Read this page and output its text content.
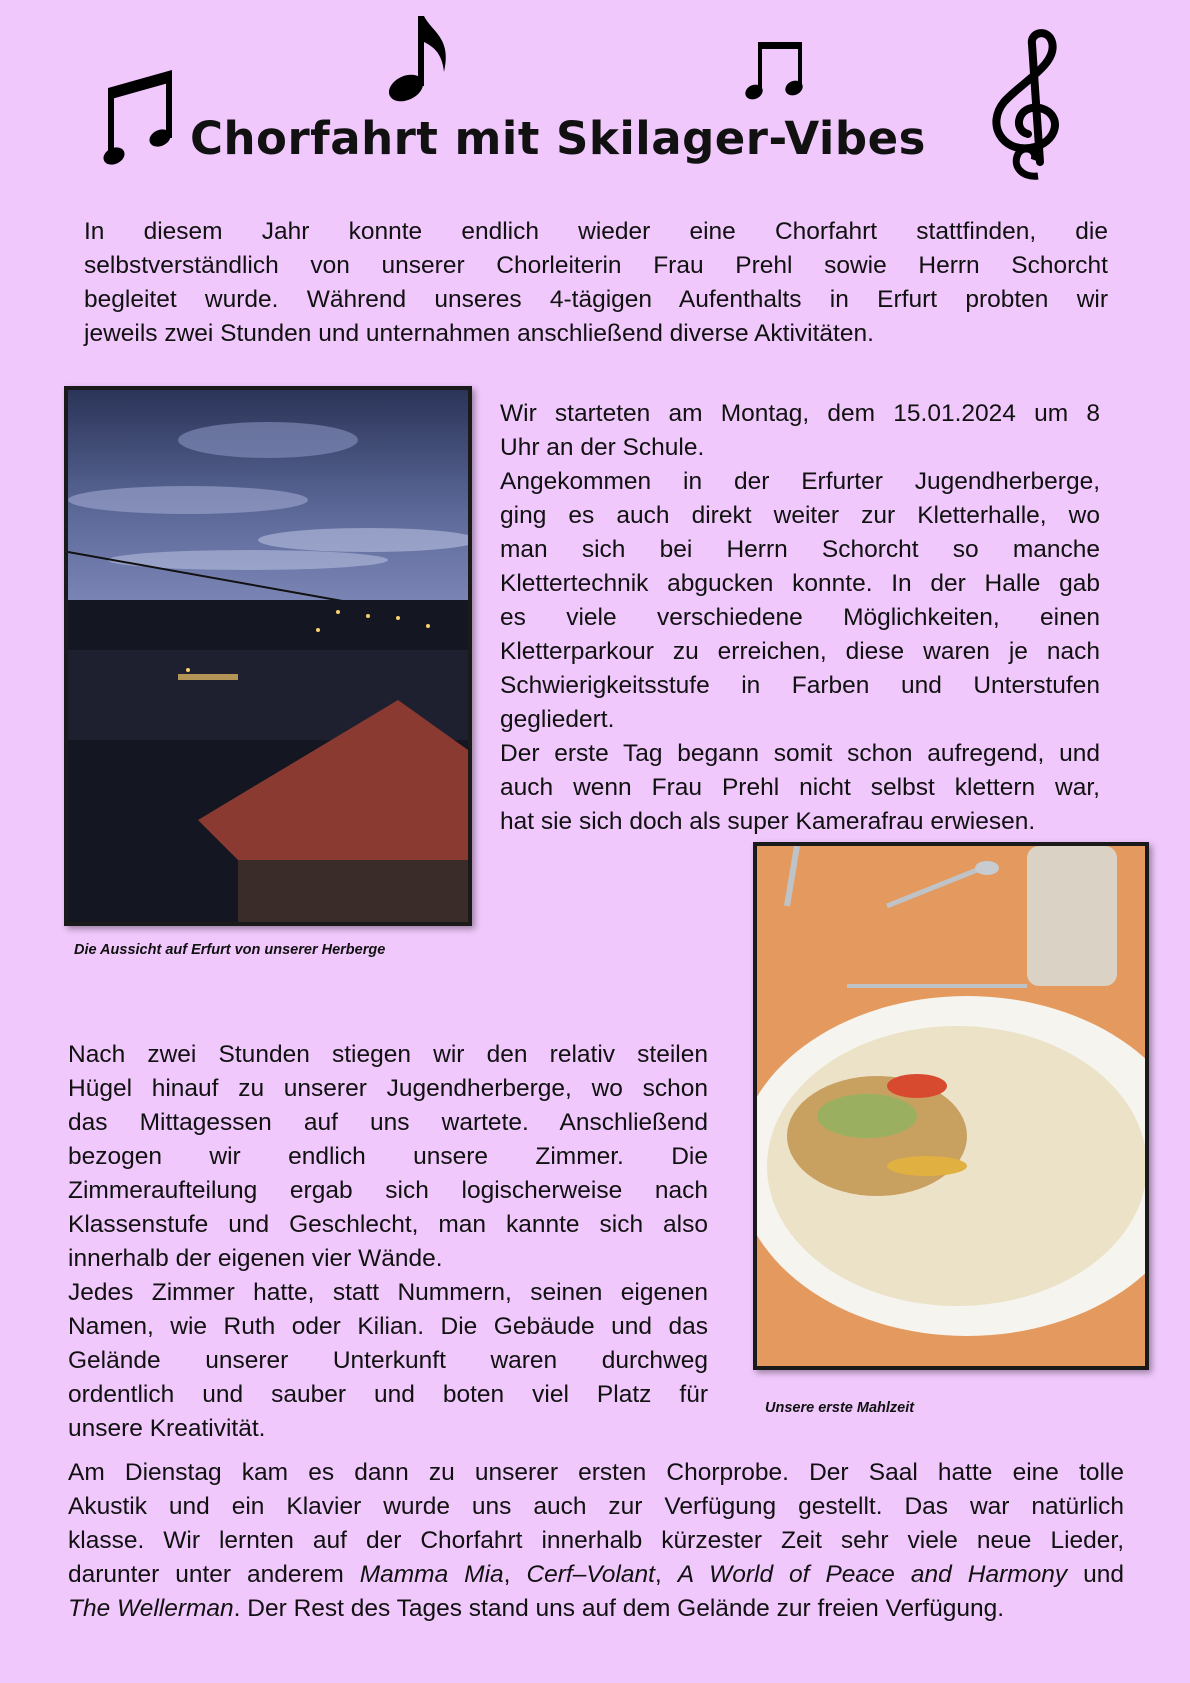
Chorfahrt mit Skilager-Vibes

In diesem Jahr konnte endlich wieder eine Chorfahrt stattfinden, die
selbstverständlich von unserer Chorleiterin Frau Prehl sowie Herrn Schorcht
begleitet wurde. Während unseres 4-tägigen Aufenthalts in Erfurt probten wir
jeweils zwei Stunden und unternahmen anschließend diverse Aktivitäten.

Die Aussicht auf Erfurt von unserer Herberge

Wir starteten am Montag, dem 15.01.2024 um 8
Uhr an der Schule.
Angekommen in der Erfurter Jugendherberge,
ging es auch direkt weiter zur Kletterhalle, wo
man sich bei Herrn Schorcht so manche
Klettertechnik abgucken konnte. In der Halle gab
es viele verschiedene Möglichkeiten, einen
Kletterparkour zu erreichen, diese waren je nach
Schwierigkeitsstufe in Farben und Unterstufen
gegliedert.
Der erste Tag begann somit schon aufregend, und
auch wenn Frau Prehl nicht selbst klettern war,
hat sie sich doch als super Kamerafrau erwiesen.

Unsere erste Mahlzeit

Nach zwei Stunden stiegen wir den relativ steilen
Hügel hinauf zu unserer Jugendherberge, wo schon
das Mittagessen auf uns wartete. Anschließend
bezogen wir endlich unsere Zimmer. Die
Zimmeraufteilung ergab sich logischerweise nach
Klassenstufe und Geschlecht, man kannte sich also
innerhalb der eigenen vier Wände.
Jedes Zimmer hatte, statt Nummern, seinen eigenen
Namen, wie Ruth oder Kilian. Die Gebäude und das
Gelände unserer Unterkunft waren durchweg
ordentlich und sauber und boten viel Platz für
unsere Kreativität.

Am Dienstag kam es dann zu unserer ersten Chorprobe. Der Saal hatte eine tolle
Akustik und ein Klavier wurde uns auch zur Verfügung gestellt. Das war natürlich
klasse. Wir lernten auf der Chorfahrt innerhalb kürzester Zeit sehr viele neue Lieder,
darunter unter anderem Mamma Mia, Cerf–Volant, A World of Peace and Harmony und
The Wellerman. Der Rest des Tages stand uns auf dem Gelände zur freien Verfügung.
